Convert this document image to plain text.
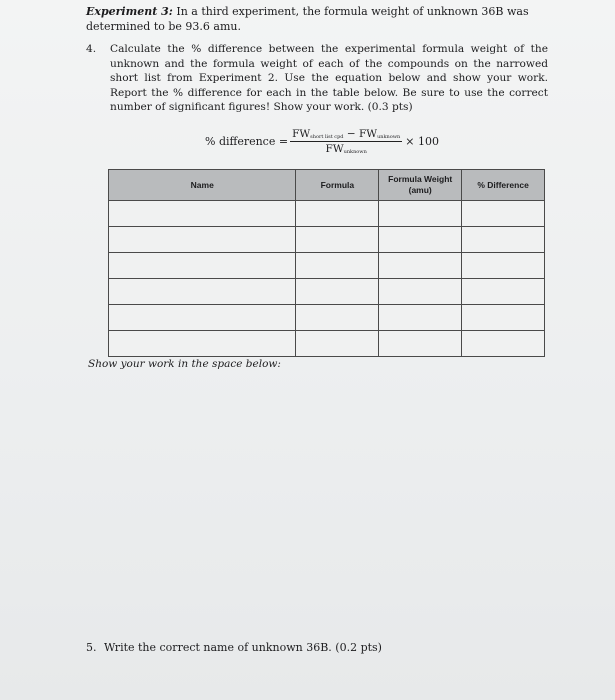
Experiment 3: In a third experiment, the formula weight of unknown 36B was determined to be 93.6 amu.
4. Calculate the % difference between the experimental formula weight of the unknown and the formula weight of each of the compounds on the narrowed short list from Experiment 2. Use the equation below and show your work. Report the % difference for each in the table below. Be sure to use the correct number of significant figures! Show your work. (0.3 pts)
% difference = $\frac{FW_{short list cpd} - FW_{unknown}}{FW_{unknown}} \times 100$
Name	Formula	Formula Weight (amu)	% Difference

Show your work in the space below:
5. Write the correct name of unknown 36B. (0.2 pts)
